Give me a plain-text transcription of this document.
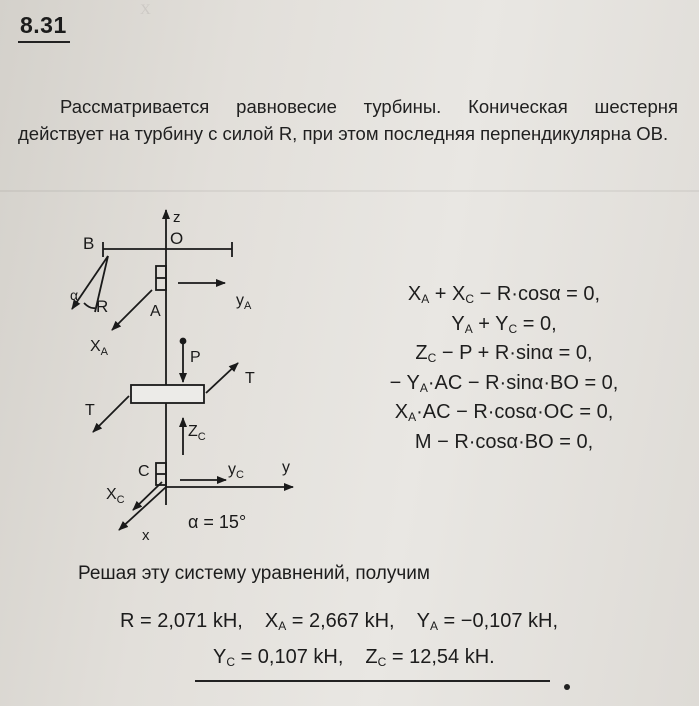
Х
8.31
Рассматривается равновесие турбины. Коническая шестерня действует на турбину с силой R, при этом последняя перпендикулярна OB.
z
O
B
α
R	A
$y_A$
$X_A$	P
T
T
$Z_C$
C	$y_C$ y
$X_C$
α = 15°
x
$X_A + X_C - R\cdot\cos\alpha = 0$,
$Y_A + Y_C = 0$,
$Z_C - P + R\cdot\sin\alpha = 0$,
− $Y_A\cdot AC - R\cdot\sin\alpha\cdot BO = 0$,
$X_A\cdot AC - R\cdot\cos\alpha\cdot OC = 0$,
M − R·cosα·BO = 0,
Решая эту систему уравнений, получим
R = 2,071 kH, $X_A = 2,667$ kH, $Y_A = -0,107$ kH,
$Y_C = 0,107$ kH, $Z_C = 12,54$ kH.
